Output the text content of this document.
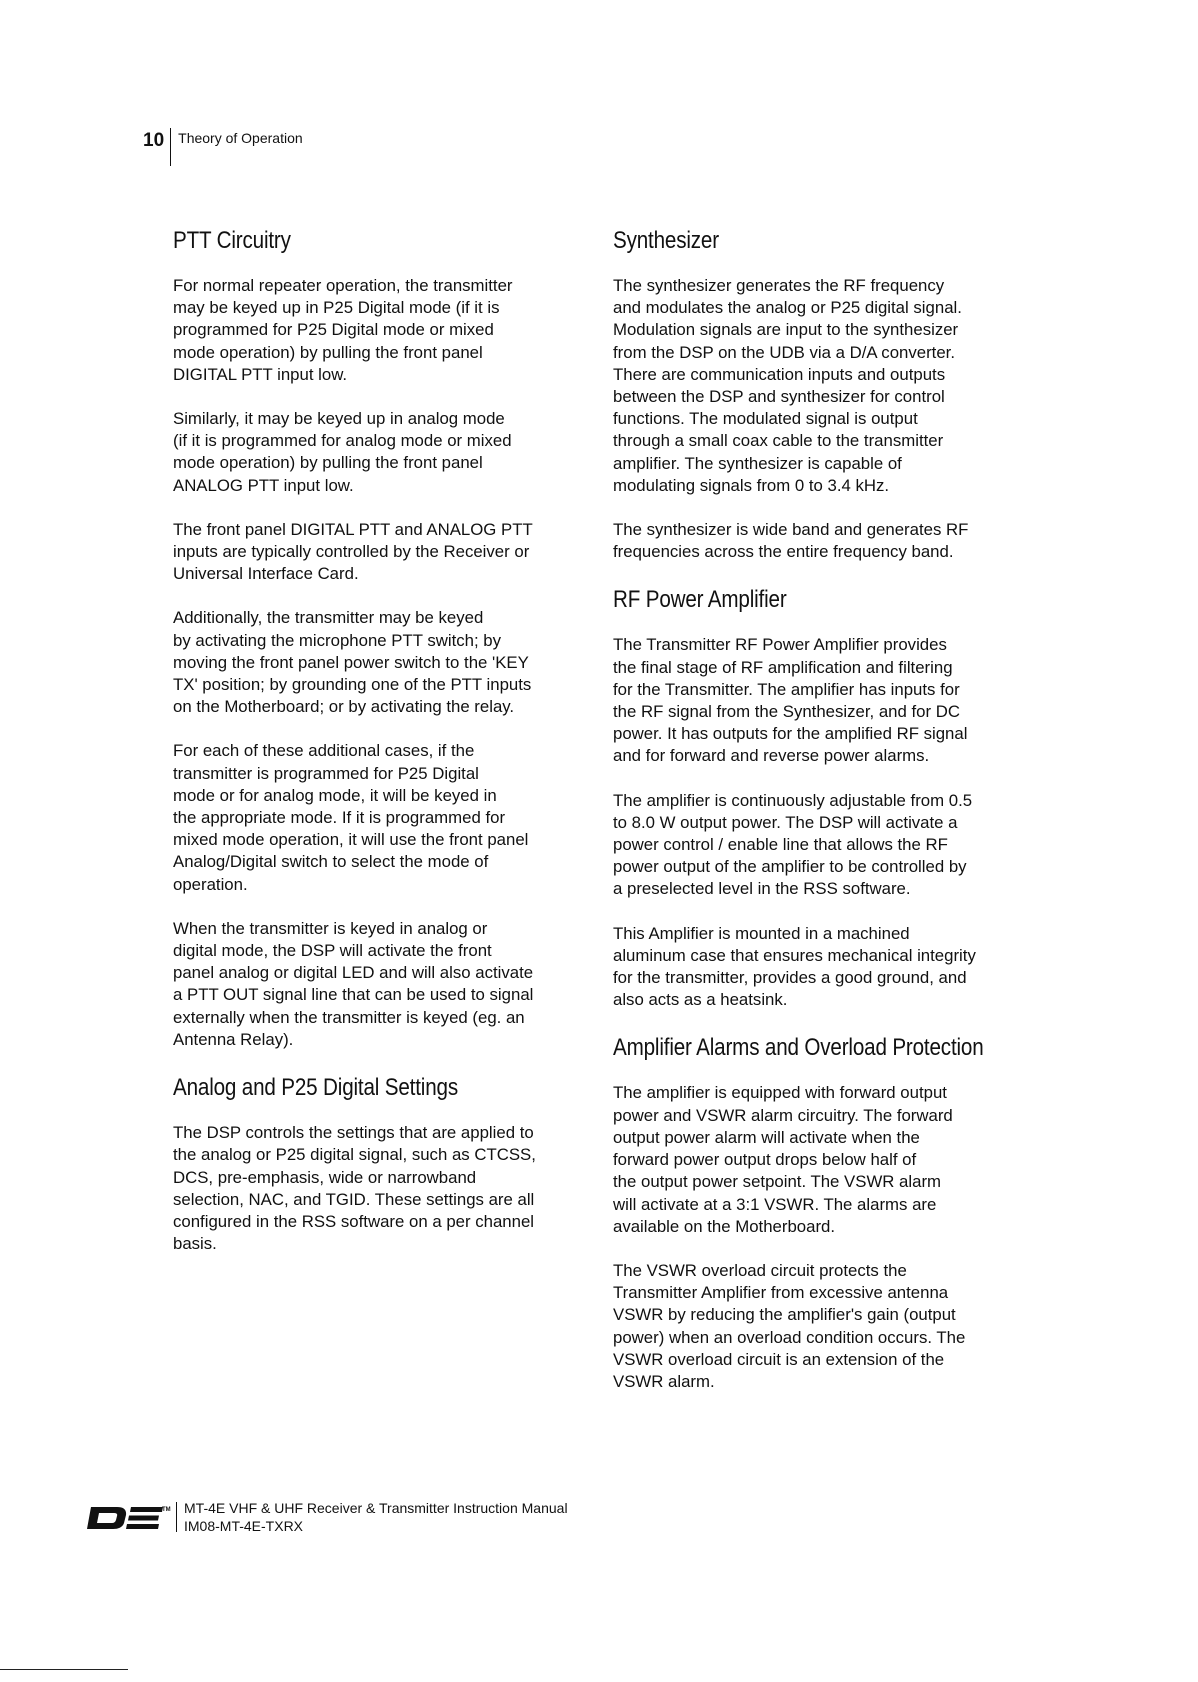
10	Theory of Operation
PTT Circuitry

For normal repeater operation, the transmitter
may be keyed up in P25 Digital mode (if it is
programmed for P25 Digital mode or mixed
mode operation) by pulling the front panel
DIGITAL PTT input low.

Similarly, it may be keyed up in analog mode
(if it is programmed for analog mode or mixed
mode operation) by pulling the front panel
ANALOG PTT input low.

The front panel DIGITAL PTT and ANALOG PTT
inputs are typically controlled by the Receiver or
Universal Interface Card.

Additionally, the transmitter may be keyed
by activating the microphone PTT switch; by
moving the front panel power switch to the 'KEY
TX' position; by grounding one of the PTT inputs
on the Motherboard; or by activating the relay.

For each of these additional cases, if the
transmitter is programmed for P25 Digital
mode or for analog mode, it will be keyed in
the appropriate mode. If it is programmed for
mixed mode operation, it will use the front panel
Analog/Digital switch to select the mode of
operation.

When the transmitter is keyed in analog or
digital mode, the DSP will activate the front
panel analog or digital LED and will also activate
a PTT OUT signal line that can be used to signal
externally when the transmitter is keyed (eg. an
Antenna Relay).

Analog and P25 Digital Settings

The DSP controls the settings that are applied to
the analog or P25 digital signal, such as CTCSS,
DCS, pre-emphasis, wide or narrowband
selection, NAC, and TGID. These settings are all
configured in the RSS software on a per channel
basis.

Synthesizer

The synthesizer generates the RF frequency
and modulates the analog or P25 digital signal.
Modulation signals are input to the synthesizer
from the DSP on the UDB via a D/A converter.
There are communication inputs and outputs
between the DSP and synthesizer for control
functions. The modulated signal is output
through a small coax cable to the transmitter
amplifier. The synthesizer is capable of
modulating signals from 0 to 3.4 kHz.

The synthesizer is wide band and generates RF
frequencies across the entire frequency band.

RF Power Amplifier

The Transmitter RF Power Amplifier provides
the final stage of RF amplification and filtering
for the Transmitter. The amplifier has inputs for
the RF signal from the Synthesizer, and for DC
power. It has outputs for the amplified RF signal
and for forward and reverse power alarms.

The amplifier is continuously adjustable from 0.5
to 8.0 W output power. The DSP will activate a
power control / enable line that allows the RF
power output of the amplifier to be controlled by
a preselected level in the RSS software.

This Amplifier is mounted in a machined
aluminum case that ensures mechanical integrity
for the transmitter, provides a good ground, and
also acts as a heatsink.

Amplifier Alarms and Overload Protection

The amplifier is equipped with forward output
power and VSWR alarm circuitry. The forward
output power alarm will activate when the
forward power output drops below half of
the output power setpoint. The VSWR alarm
will activate at a 3:1 VSWR. The alarms are
available on the Motherboard.

The VSWR overload circuit protects the
Transmitter Amplifier from excessive antenna
VSWR by reducing the amplifier's gain (output
power) when an overload condition occurs. The
VSWR overload circuit is an extension of the
VSWR alarm.

TM MT-4E VHF & UHF Receiver & Transmitter Instruction Manual
IM08-MT-4E-TXRX
